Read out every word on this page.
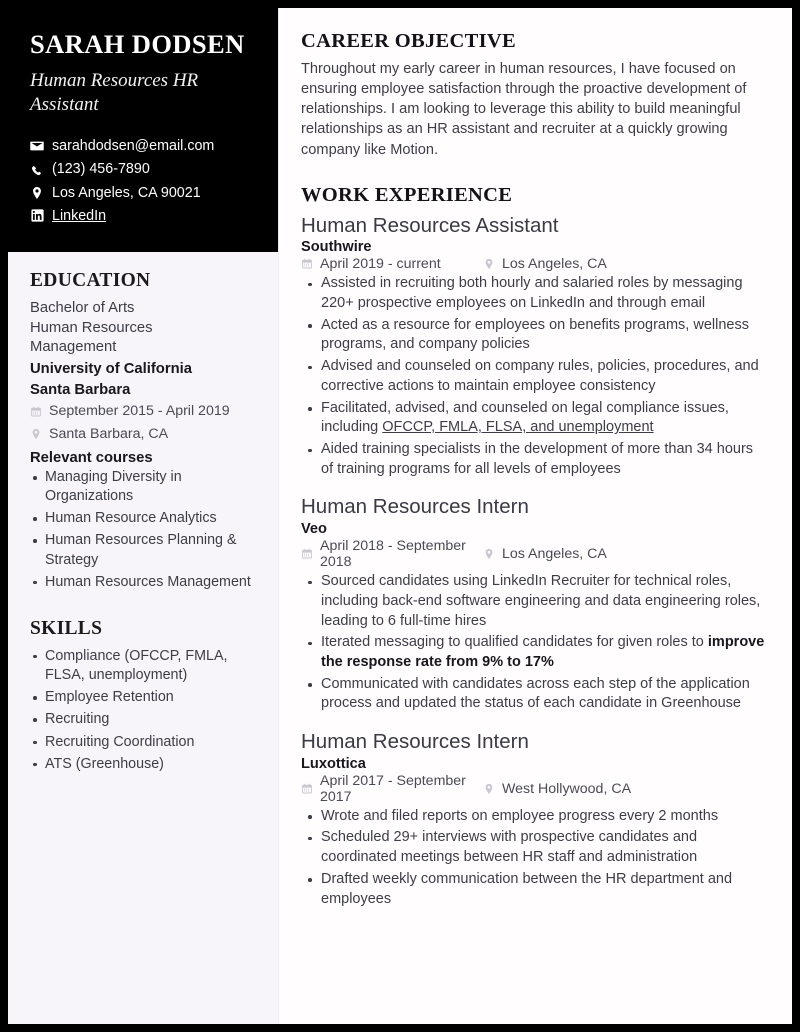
SARAH DODSEN
Human Resources HR Assistant
sarahdodsen@email.com
(123) 456-7890
Los Angeles, CA 90021
LinkedIn
EDUCATION
Bachelor of Arts
Human Resources
Management
University of California
Santa Barbara
September 2015 - April 2019
Santa Barbara, CA
Relevant courses
Managing Diversity in Organizations
Human Resource Analytics
Human Resources Planning & Strategy
Human Resources Management
SKILLS
Compliance (OFCCP, FMLA, FLSA, unemployment)
Employee Retention
Recruiting
Recruiting Coordination
ATS (Greenhouse)
CAREER OBJECTIVE

Throughout my early career in human resources, I have focused on ensuring employee satisfaction through the proactive development of relationships. I am looking to leverage this ability to build meaningful relationships as an HR assistant and recruiter at a quickly growing company like Motion.

WORK EXPERIENCE
Human Resources Assistant
Southwire
April 2019 - current	Los Angeles, CA
Assisted in recruiting both hourly and salaried roles by messaging 220+ prospective employees on LinkedIn and through email
Acted as a resource for employees on benefits programs, wellness programs, and company policies
Advised and counseled on company rules, policies, procedures, and corrective actions to maintain employee consistency
Facilitated, advised, and counseled on legal compliance issues, including OFCCP, FMLA, FLSA, and unemployment
Aided training specialists in the development of more than 34 hours of training programs for all levels of employees
Human Resources Intern
Veo
April 2018 - September 2018	Los Angeles, CA
Sourced candidates using LinkedIn Recruiter for technical roles, including back-end software engineering and data engineering roles, leading to 6 full-time hires
Iterated messaging to qualified candidates for given roles to improve the response rate from 9% to 17%
Communicated with candidates across each step of the application process and updated the status of each candidate in Greenhouse
Human Resources Intern
Luxottica
April 2017 - September 2017	West Hollywood, CA
Wrote and filed reports on employee progress every 2 months
Scheduled 29+ interviews with prospective candidates and coordinated meetings between HR staff and administration
Drafted weekly communication between the HR department and employees
